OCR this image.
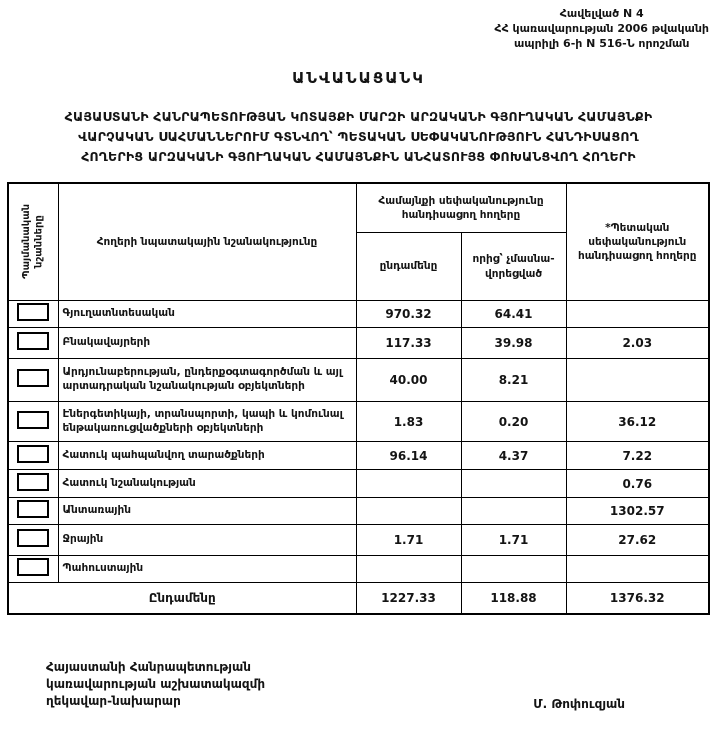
Հավելված N 4
ՀՀ կառավարության 2006 թվականի
ապրիլի 6-ի N 516-Ն որոշման
ԱՆՎԱՆԱՑԱՆԿ
ՀԱՅԱՍՏԱՆԻ ՀԱՆՐԱՊԵՏՈՒԹՅԱՆ ԿՈՏԱՅՔԻ ՄԱՐԶԻ ԱՐԶԱԿԱՆԻ ԳՅՈՒՂԱԿԱՆ ՀԱՄԱՅՆՔԻ
ՎԱՐՉԱԿԱՆ ՍԱՀՄԱՆՆԵՐՈՒՄ ԳՏՆՎՈՂ՝ ՊԵՏԱԿԱՆ ՍԵՓԱԿԱՆՈՒԹՅՈՒՆ ՀԱՆԴԻՍԱՑՈՂ
ՀՈՂԵՐԻՑ ԱՐԶԱԿԱՆԻ ԳՅՈՒՂԱԿԱՆ ՀԱՄԱՅՆՔԻՆ ԱՆՀԱՏՈՒՅՑ ՓՈԽԱՆՑՎՈՂ ՀՈՂԵՐԻ
Պայմանական նշանները	Հողերի նպատակային նշանակությունը	Համայնքի սեփականությունը հանդիսացող հողերը		*Պետական սեփականություն հանդիսացող հողերը
		ընդամենը	որից՝ չմասնա-վորեցված	
	Գյուղատնտեսական	970.32	64.41	
	Բնակավայրերի	117.33	39.98	2.03
	Արդյունաբերության, ընդերքօգտագործման և այլ արտադրական նշանակության օբյեկտների	40.00	8.21	
	Էներգետիկայի, տրանսպորտի, կապի և կոմունալ ենթակառուցվածքների օբյեկտների	1.83	0.20	36.12
	Հատուկ պահպանվող տարածքների	96.14	4.37	7.22
	Հատուկ նշանակության			0.76
	Անտառային			1302.57
	Ջրային	1.71	1.71	27.62
	Պահուստային			
Ընդամենը		1227.33	118.88	1376.32
Հայաստանի Հանրապետության
կառավարության աշխատակազմի
ղեկավար-նախարար	Մ. Թոփուզյան
